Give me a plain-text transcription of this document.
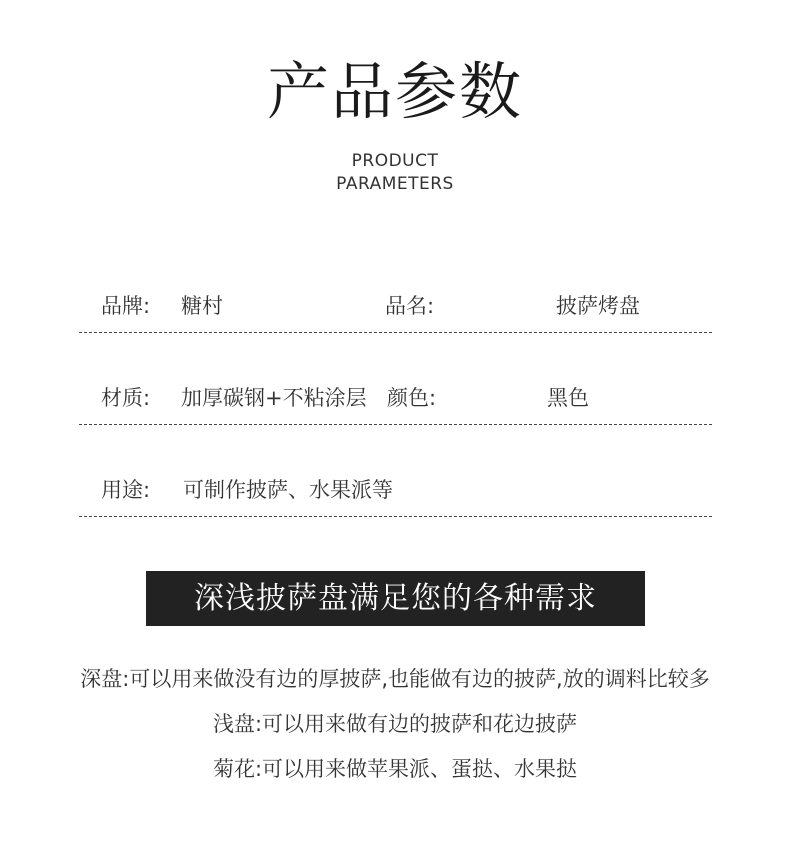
产品参数
PRODUCT
PARAMETERS
品牌: 糖村	品名:	披萨烤盘
材质: 加厚碳钢+不粘涂层 颜色:	黑色
用途: 可制作披萨、水果派等
深浅披萨盘满足您的各种需求
深盘:可以用来做没有边的厚披萨,也能做有边的披萨,放的调料比较多
浅盘:可以用来做有边的披萨和花边披萨
菊花:可以用来做苹果派、蛋挞、水果挞
